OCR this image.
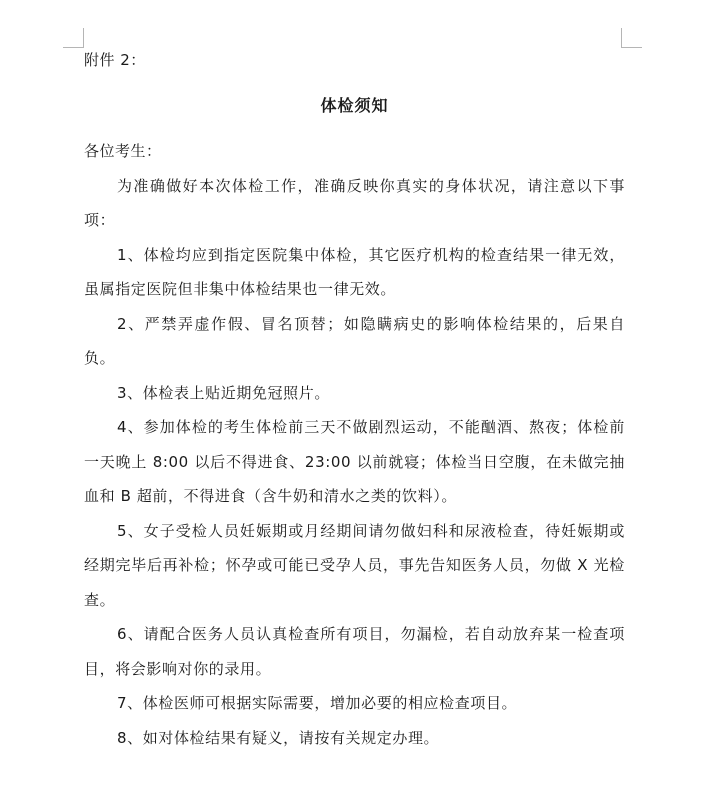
附件 2：

体检须知

各位考生：

为准确做好本次体检工作，准确反映你真实的身体状况，请注意以下事项：

1、体检均应到指定医院集中体检，其它医疗机构的检查结果一律无效，虽属指定医院但非集中体检结果也一律无效。

2、严禁弄虚作假、冒名顶替；如隐瞒病史的影响体检结果的，后果自负。

3、体检表上贴近期免冠照片。

4、参加体检的考生体检前三天不做剧烈运动，不能酗酒、熬夜；体检前一天晚上 8:00 以后不得进食、23:00 以前就寝；体检当日空腹，在未做完抽血和 B 超前，不得进食（含牛奶和清水之类的饮料）。

5、女子受检人员妊娠期或月经期间请勿做妇科和尿液检查，待妊娠期或经期完毕后再补检；怀孕或可能已受孕人员，事先告知医务人员，勿做 X 光检查。

6、请配合医务人员认真检查所有项目，勿漏检，若自动放弃某一检查项目，将会影响对你的录用。

7、体检医师可根据实际需要，增加必要的相应检查项目。

8、如对体检结果有疑义，请按有关规定办理。
